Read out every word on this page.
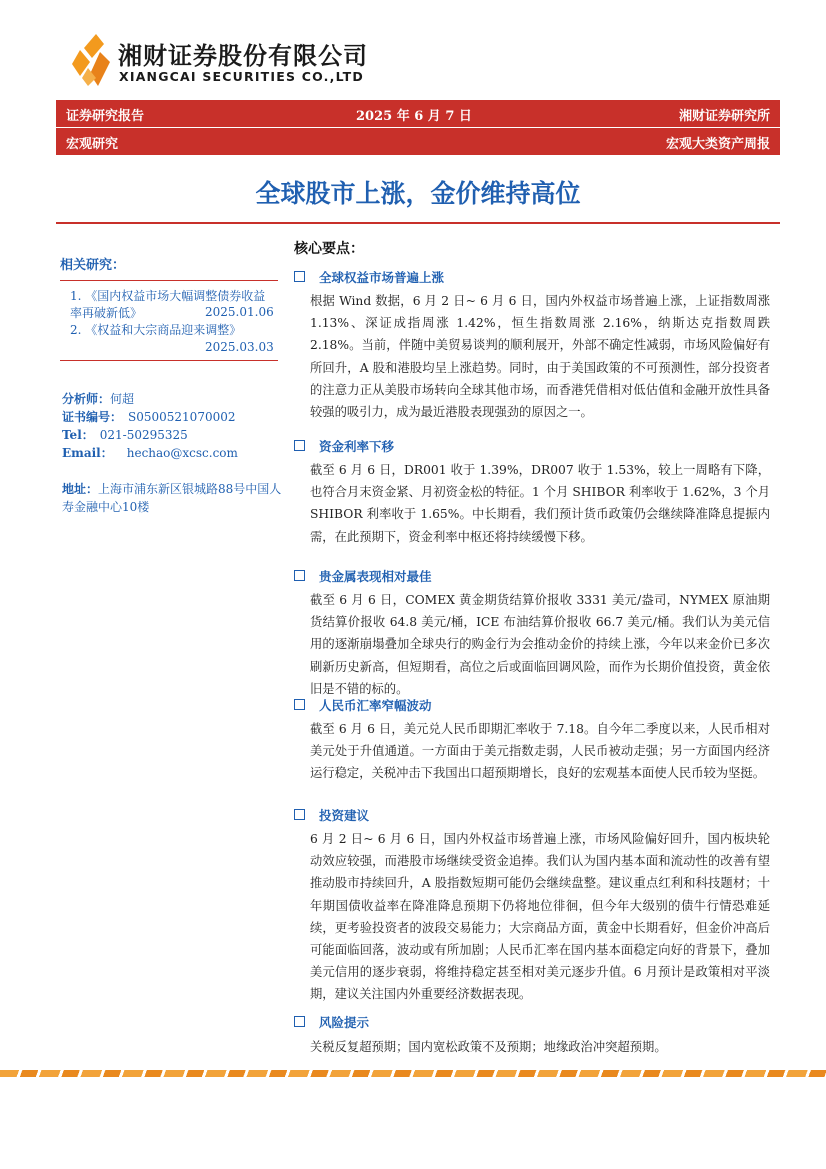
湘财证券股份有限公司
XIANGCAI SECURITIES CO.,LTD
证券研究报告	2025 年 6 月 7 日	湘财证券研究所
宏观研究	宏观大类资产周报
全球股市上涨，金价维持高位
相关研究：
1. 《国内权益市场大幅调整债券收益率再破新低》	2025.01.06
2. 《权益和大宗商品迎来调整》
2025.03.03
分析师：何超
证书编号： S0500521070002
Tel： 021-50295325
Email： hechao@xcsc.com
地址：上海市浦东新区银城路88号中国人寿金融中心10楼
核心要点：
全球权益市场普遍上涨
根据 Wind 数据，6 月 2 日~ 6 月 6 日，国内外权益市场普遍上涨，上证指数周涨 1.13%、深证成指周涨 1.42%，恒生指数周涨 2.16%，纳斯达克指数周跌 2.18%。当前，伴随中美贸易谈判的顺利展开，外部不确定性减弱，市场风险偏好有所回升，A 股和港股均呈上涨趋势。同时，由于美国政策的不可预测性，部分投资者的注意力正从美股市场转向全球其他市场，而香港凭借相对低估值和金融开放性具备较强的吸引力，成为最近港股表现强劲的原因之一。
资金利率下移
截至 6 月 6 日，DR001 收于 1.39%，DR007 收于 1.53%，较上一周略有下降，也符合月末资金紧、月初资金松的特征。1 个月 SHIBOR 利率收于 1.62%，3 个月 SHIBOR 利率收于 1.65%。中长期看，我们预计货币政策仍会继续降准降息提振内需，在此预期下，资金利率中枢还将持续缓慢下移。
贵金属表现相对最佳
截至 6 月 6 日，COMEX 黄金期货结算价报收 3331 美元/盎司，NYMEX 原油期货结算价报收 64.8 美元/桶，ICE 布油结算价报收 66.7 美元/桶。我们认为美元信用的逐渐崩塌叠加全球央行的购金行为会推动金价的持续上涨，今年以来金价已多次刷新历史新高，但短期看，高位之后或面临回调风险，而作为长期价值投资，黄金依旧是不错的标的。
人民币汇率窄幅波动
截至 6 月 6 日，美元兑人民币即期汇率收于 7.18。自今年二季度以来，人民币相对美元处于升值通道。一方面由于美元指数走弱，人民币被动走强；另一方面国内经济运行稳定，关税冲击下我国出口超预期增长，良好的宏观基本面使人民币较为坚挺。
投资建议
6 月 2 日~ 6 月 6 日，国内外权益市场普遍上涨，市场风险偏好回升，国内板块轮动效应较强，而港股市场继续受资金追捧。我们认为国内基本面和流动性的改善有望推动股市持续回升，A 股指数短期可能仍会继续盘整。建议重点红利和科技题材；十年期国债收益率在降准降息预期下仍将地位徘徊，但今年大级别的债牛行情恐难延续，更考验投资者的波段交易能力；大宗商品方面，黄金中长期看好，但金价冲高后可能面临回落，波动或有所加剧；人民币汇率在国内基本面稳定向好的背景下，叠加美元信用的逐步衰弱，将维持稳定甚至相对美元逐步升值。6 月预计是政策相对平淡期，建议关注国内外重要经济数据表现。
风险提示
关税反复超预期；国内宽松政策不及预期；地缘政治冲突超预期。
